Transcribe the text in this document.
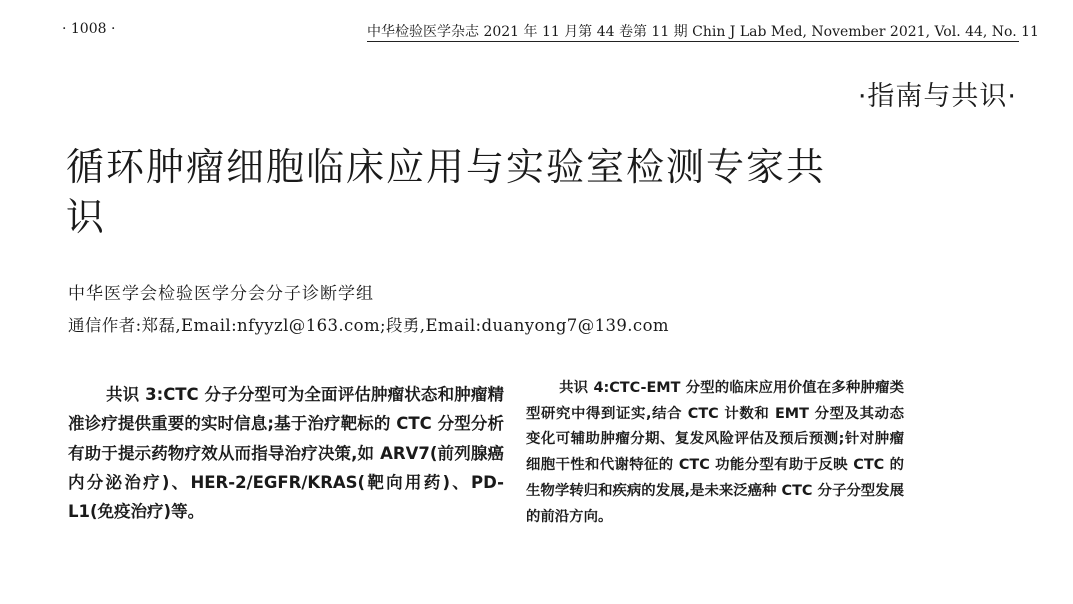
· 1008 ·	中华检验医学杂志 2021 年 11 月第 44 卷第 11 期 Chin J Lab Med, November 2021, Vol. 44, No. 11
·指南与共识·
循环肿瘤细胞临床应用与实验室检测专家共识
中华医学会检验医学分会分子诊断学组
通信作者:郑磊,Email:nfyyzl@163.com;段勇,Email:duanyong7@139.com
共识 3:CTC 分子分型可为全面评估肿瘤状态和肿瘤精准诊疗提供重要的实时信息;基于治疗靶标的 CTC 分型分析有助于提示药物疗效从而指导治疗决策,如 ARV7(前列腺癌内分泌治疗)、HER-2/EGFR/KRAS(靶向用药)、PD-L1(免疫治疗)等。
共识 4:CTC-EMT 分型的临床应用价值在多种肿瘤类型研究中得到证实,结合 CTC 计数和 EMT 分型及其动态变化可辅助肿瘤分期、复发风险评估及预后预测;针对肿瘤细胞干性和代谢特征的 CTC 功能分型有助于反映 CTC 的生物学转归和疾病的发展,是未来泛癌种 CTC 分子分型发展的前沿方向。
